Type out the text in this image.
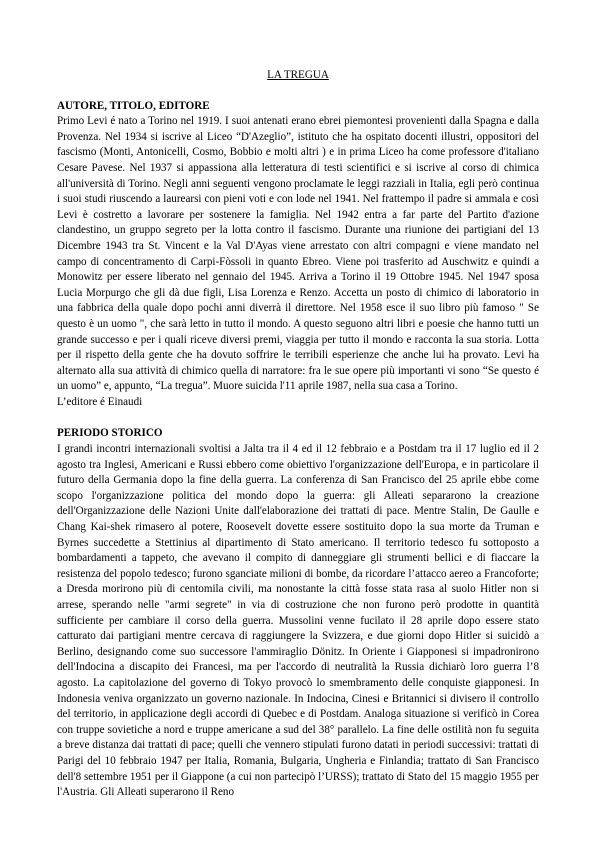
LA TREGUA
AUTORE, TITOLO, EDITORE

Primo Levi é nato a Torino nel 1919. I suoi antenati erano ebrei piemontesi provenienti dalla Spagna e dalla Provenza. Nel 1934 si iscrive al Liceo “D'Azeglio”, istituto che ha ospitato docenti illustri, oppositori del fascismo (Monti, Antonicelli, Cosmo, Bobbio e molti altri ) e in prima Liceo ha come professore d'italiano Cesare Pavese. Nel 1937 si appassiona alla letteratura di testi scientifici e si iscrive al corso di chimica all'università di Torino. Negli anni seguenti vengono proclamate le leggi razziali in Italia, egli però continua i suoi studi riuscendo a laurearsi con pieni voti e con lode nel 1941. Nel frattempo il padre si ammala e così Levi è costretto a lavorare per sostenere la famiglia. Nel 1942 entra a far parte del Partito d'azione clandestino, un gruppo segreto per la lotta contro il fascismo. Durante una riunione dei partigiani del 13 Dicembre 1943 tra St. Vincent e la Val D'Ayas viene arrestato con altri compagni e viene mandato nel campo di concentramento di Carpi-Fòssoli in quanto Ebreo. Viene poi trasferito ad Auschwitz e quindi a Monowitz per essere liberato nel gennaio del 1945. Arriva a Torino il 19 Ottobre 1945. Nel 1947 sposa Lucia Morpurgo che gli dà due figli, Lisa Lorenza e Renzo. Accetta un posto di chimico di laboratorio in una fabbrica della quale dopo pochi anni diverrà il direttore. Nel 1958 esce il suo libro più famoso " Se questo è un uomo ", che sarà letto in tutto il mondo. A questo seguono altri libri e poesie che hanno tutti un grande successo e per i quali riceve diversi premi, viaggia per tutto il mondo e racconta la sua storia. Lotta per il rispetto della gente che ha dovuto soffrire le terribili esperienze che anche lui ha provato. Levi ha alternato alla sua attività di chimico quella di narratore: fra le sue opere più importanti vi sono “Se questo é un uomo” e, appunto, “La tregua”. Muore suicida l'11 aprile 1987, nella sua casa a Torino.

L’editore é Einaudi

PERIODO STORICO

I grandi incontri internazionali svoltisi a Jalta tra il 4 ed il 12 febbraio e a Postdam tra il 17 luglio ed il 2 agosto tra Inglesi, Americani e Russi ebbero come obiettivo l'organizzazione dell'Europa, e in particolare il futuro della Germania dopo la fine della guerra. La conferenza di San Francisco del 25 aprile ebbe come scopo l'organizzazione politica del mondo dopo la guerra: gli Alleati separarono la creazione dell'Organizzazione delle Nazioni Unite dall'elaborazione dei trattati di pace. Mentre Stalin, De Gaulle e Chang Kai-shek rimasero al potere, Roosevelt dovette essere sostituito dopo la sua morte da Truman e Byrnes succedette a Stettinius al dipartimento di Stato americano. Il territorio tedesco fu sottoposto a bombardamenti a tappeto, che avevano il compito di danneggiare gli strumenti bellici e di fiaccare la resistenza del popolo tedesco; furono sganciate milioni di bombe, da ricordare l’attacco aereo a Francoforte; a Dresda morirono più di centomila civili, ma nonostante la città fosse stata rasa al suolo Hitler non si arrese, sperando nelle "armi segrete" in via di costruzione che non furono però prodotte in quantità sufficiente per cambiare il corso della guerra. Mussolini venne fucilato il 28 aprile dopo essere stato catturato dai partigiani mentre cercava di raggiungere la Svizzera, e due giorni dopo Hitler si suicidò a Berlino, designando come suo successore l'ammiraglio Dönitz. In Oriente i Giapponesi si impadronirono dell'Indocina a discapito dei Francesi, ma per l'accordo di neutralità la Russia dichiarò loro guerra l’8 agosto. La capitolazione del governo di Tokyo provocò lo smembramento delle conquiste giapponesi. In Indonesia veniva organizzato un governo nazionale. In Indocina, Cinesi e Britannici si divisero il controllo del territorio, in applicazione degli accordi di Quebec e di Postdam. Analoga situazione si verificò in Corea con truppe sovietiche a nord e truppe americane a sud del 38° parallelo. La fine delle ostilità non fu seguita a breve distanza dai trattati di pace; quelli che vennero stipulati furono datati in periodi successivi: trattati di Parigi del 10 febbraio 1947 per Italia, Romania, Bulgaria, Ungheria e Finlandia; trattato di San Francisco dell'8 settembre 1951 per il Giappone (a cui non partecipò l’URSS); trattato di Stato del 15 maggio 1955 per l'Austria. Gli Alleati superarono il Reno
